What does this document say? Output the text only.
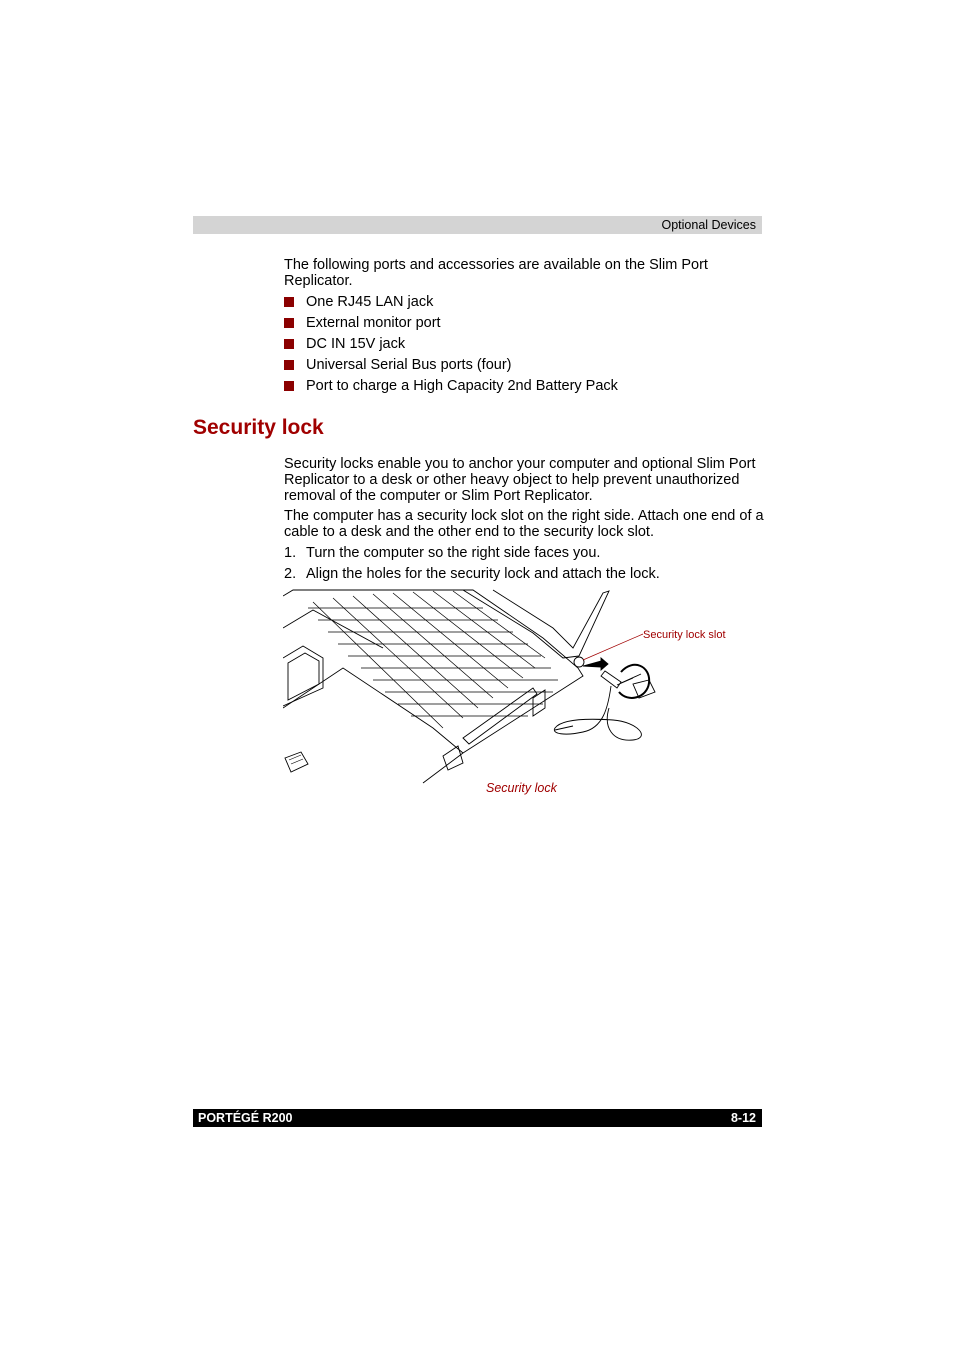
Optional Devices
The following ports and accessories are available on the Slim Port Replicator.
One RJ45 LAN jack
External monitor port
DC IN 15V jack
Universal Serial Bus ports (four)
Port to charge a High Capacity 2nd Battery Pack
Security lock
Security locks enable you to anchor your computer and optional Slim Port Replicator to a desk or other heavy object to help prevent unauthorized removal of the computer or Slim Port Replicator.
The computer has a security lock slot on the right side. Attach one end of a cable to a desk and the other end to the security lock slot.
1. Turn the computer so the right side faces you.
2. Align the holes for the security lock and attach the lock.
Security lock slot
Security lock
PORTÉGÉ R200	8-12
